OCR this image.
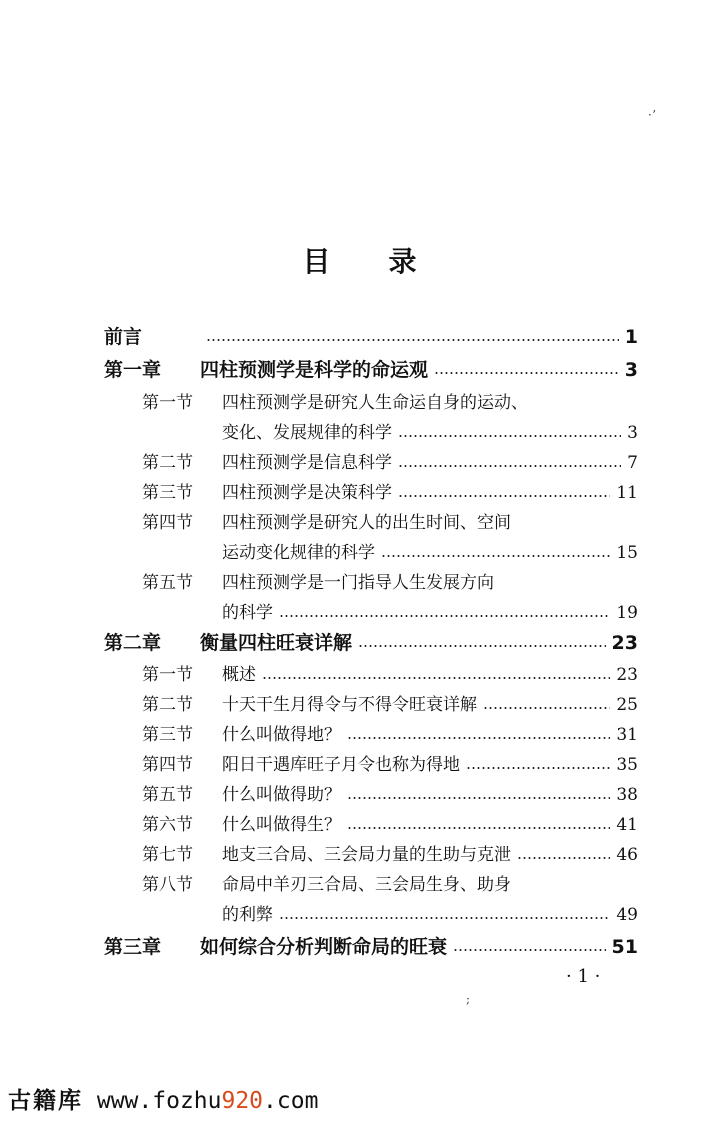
·ʼ
;
目 录
前言	1
第一章	四柱预测学是科学的命运观	3
第一节	四柱预测学是研究人生命运自身的运动、
变化、发展规律的科学	3
第二节	四柱预测学是信息科学	7
第三节	四柱预测学是决策科学	11
第四节	四柱预测学是研究人的出生时间、空间
运动变化规律的科学	15
第五节	四柱预测学是一门指导人生发展方向
的科学	19
第二章	衡量四柱旺衰详解	23
第一节	概述	23
第二节	十天干生月得令与不得令旺衰详解	25
第三节	什么叫做得地？	31
第四节	阳日干遇库旺子月令也称为得地	35
第五节	什么叫做得助？	38
第六节	什么叫做得生？	41
第七节	地支三合局、三会局力量的生助与克泄	46
第八节	命局中羊刃三合局、三会局生身、助身
的利弊	49
第三章	如何综合分析判断命局的旺衰	51
· 1 ·
古籍库 www.fozhu920.com
